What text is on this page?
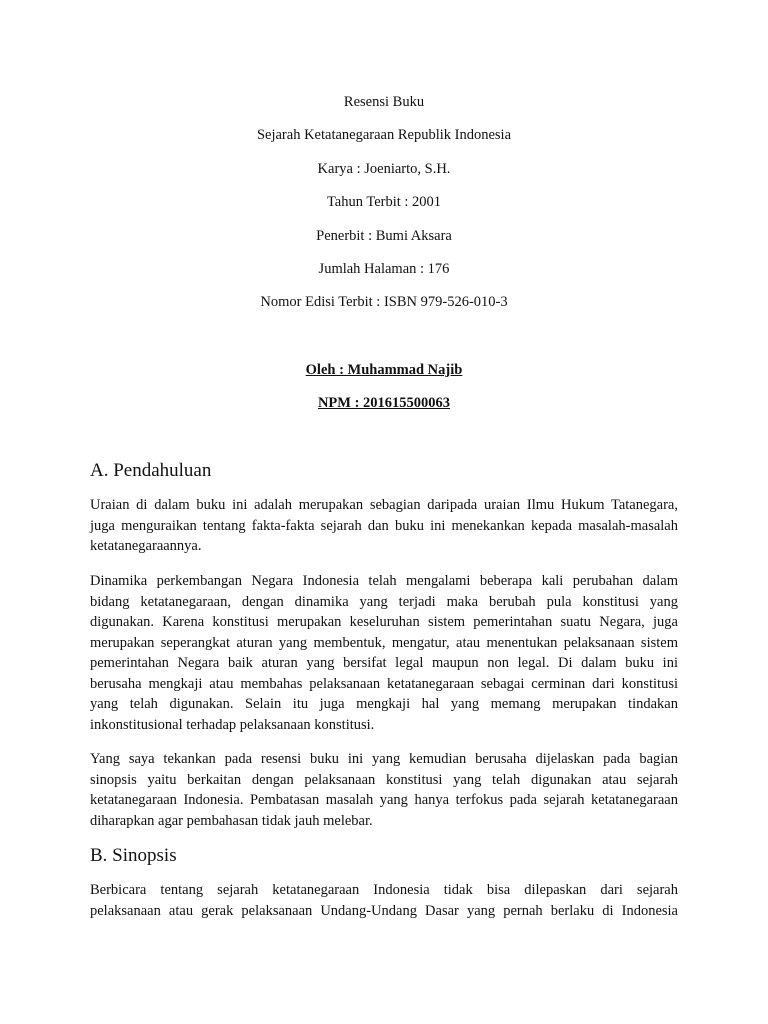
Resensi Buku
Sejarah Ketatanegaraan Republik Indonesia
Karya : Joeniarto, S.H.
Tahun Terbit : 2001
Penerbit : Bumi Aksara
Jumlah Halaman : 176
Nomor Edisi Terbit : ISBN 979-526-010-3
Oleh : Muhammad Najib
NPM : 201615500063
A. Pendahuluan
Uraian di dalam buku ini adalah merupakan sebagian daripada uraian Ilmu Hukum Tatanegara,
juga menguraikan tentang fakta-fakta sejarah dan buku ini menekankan kepada masalah-masalah
ketatanegaraannya.
Dinamika perkembangan Negara Indonesia telah mengalami beberapa kali perubahan dalam
bidang ketatanegaraan, dengan dinamika yang terjadi maka berubah pula konstitusi yang
digunakan. Karena konstitusi merupakan keseluruhan sistem pemerintahan suatu Negara, juga
merupakan seperangkat aturan yang membentuk, mengatur, atau menentukan pelaksanaan sistem
pemerintahan Negara baik aturan yang bersifat legal maupun non legal. Di dalam buku ini
berusaha mengkaji atau membahas pelaksanaan ketatanegaraan sebagai cerminan dari konstitusi
yang telah digunakan. Selain itu juga mengkaji hal yang memang merupakan tindakan
inkonstitusional terhadap pelaksanaan konstitusi.
Yang saya tekankan pada resensi buku ini yang kemudian berusaha dijelaskan pada bagian
sinopsis yaitu berkaitan dengan pelaksanaan konstitusi yang telah digunakan atau sejarah
ketatanegaraan Indonesia. Pembatasan masalah yang hanya terfokus pada sejarah ketatanegaraan
diharapkan agar pembahasan tidak jauh melebar.
B. Sinopsis
Berbicara tentang sejarah ketatanegaraan Indonesia tidak bisa dilepaskan dari sejarah
pelaksanaan atau gerak pelaksanaan Undang-Undang Dasar yang pernah berlaku di Indonesia
